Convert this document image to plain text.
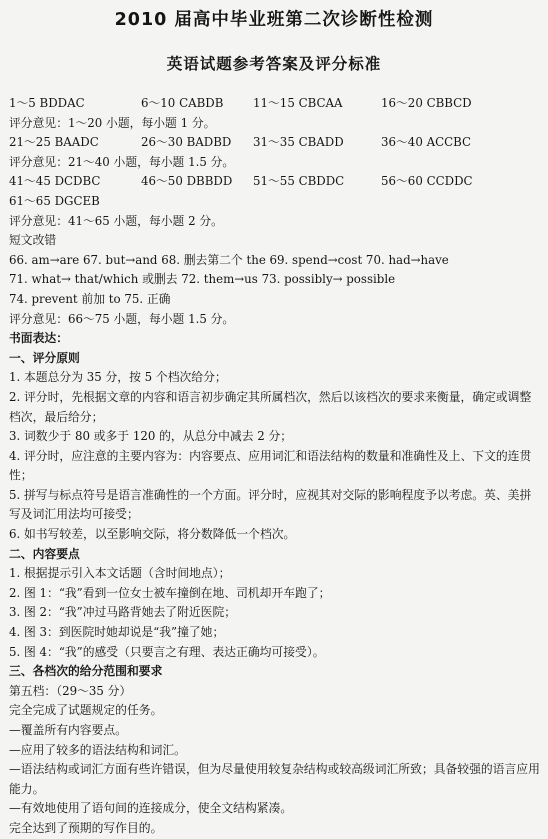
2010 届高中毕业班第二次诊断性检测
英语试题参考答案及评分标准
1～5 BDDAC	6～10 CABDB	11～15 CBCAA	16～20 CBBCD
评分意见：1～20 小题，每小题 1 分。
21～25 BAADC	26～30 BADBD	31～35 CBADD	36～40 ACCBC
评分意见：21～40 小题，每小题 1.5 分。
41～45 DCDBC	46～50 DBBDD	51～55 CBDDC	56～60 CCDDC
61～65 DGCEB
评分意见：41～65 小题，每小题 2 分。
短文改错
66. am→are 67. but→and 68. 删去第二个 the 69. spend→cost 70. had→have
71. what→ that/which 或删去 72. them→us 73. possibly→ possible
74. prevent 前加 to 75. 正确
评分意见：66～75 小题，每小题 1.5 分。
书面表达：
一、评分原则
1. 本题总分为 35 分，按 5 个档次给分；
2. 评分时，先根据文章的内容和语言初步确定其所属档次，然后以该档次的要求来衡量，确定或调整档次，最后给分；
3. 词数少于 80 或多于 120 的，从总分中减去 2 分；
4. 评分时，应注意的主要内容为：内容要点、应用词汇和语法结构的数量和准确性及上、下文的连贯性；
5. 拼写与标点符号是语言准确性的一个方面。评分时，应视其对交际的影响程度予以考虑。英、美拼写及词汇用法均可接受；
6. 如书写较差，以至影响交际，将分数降低一个档次。
二、内容要点
1. 根据提示引入本文话题（含时间地点）；
2. 图 1：“我”看到一位女士被车撞倒在地、司机却开车跑了；
3. 图 2：“我”冲过马路背她去了附近医院；
4. 图 3：到医院时她却说是“我”撞了她；
5. 图 4：“我”的感受（只要言之有理、表达正确均可接受）。
三、各档次的给分范围和要求
第五档：（29～35 分）
完全完成了试题规定的任务。
—覆盖所有内容要点。
—应用了较多的语法结构和词汇。
—语法结构或词汇方面有些许错误，但为尽量使用较复杂结构或较高级词汇所致；具备较强的语言应用能力。
—有效地使用了语句间的连接成分，使全文结构紧凑。
完全达到了预期的写作目的。
